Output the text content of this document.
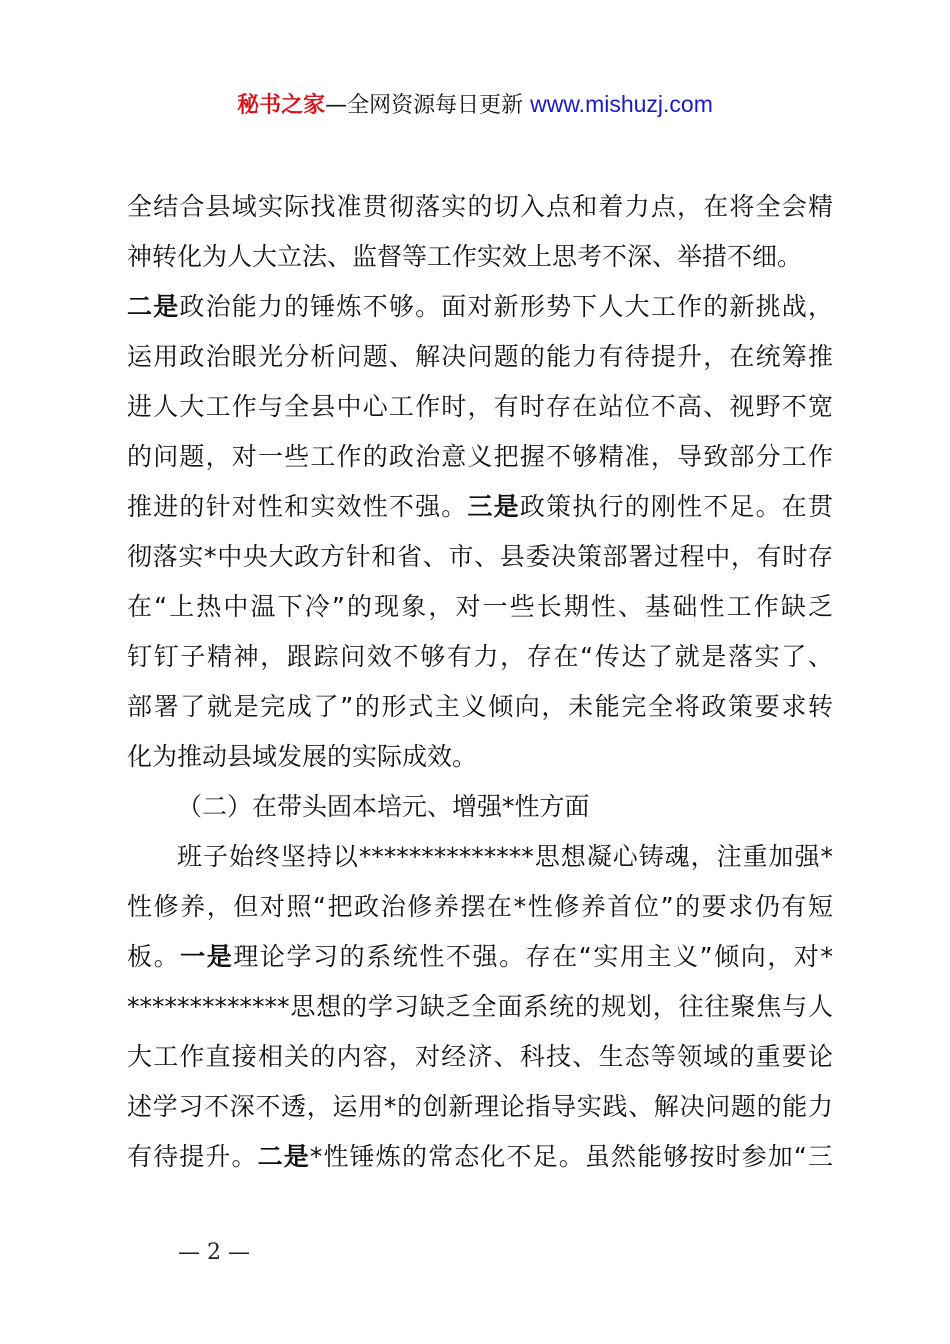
秘书之家—全网资源每日更新 www.mishuzj.com
全结合县域实际找准贯彻落实的切入点和着力点，在将全会精
神转化为人大立法、监督等工作实效上思考不深、举措不细。
二是政治能力的锤炼不够。面对新形势下人大工作的新挑战，
运用政治眼光分析问题、解决问题的能力有待提升，在统筹推
进人大工作与全县中心工作时，有时存在站位不高、视野不宽
的问题，对一些工作的政治意义把握不够精准，导致部分工作
推进的针对性和实效性不强。三是政策执行的刚性不足。在贯
彻落实*中央大政方针和省、市、县委决策部署过程中，有时存
在“上热中温下冷”的现象，对一些长期性、基础性工作缺乏
钉钉子精神，跟踪问效不够有力，存在“传达了就是落实了、
部署了就是完成了”的形式主义倾向，未能完全将政策要求转
化为推动县域发展的实际成效。
（二）在带头固本培元、增强*性方面
班子始终坚持以**************思想凝心铸魂，注重加强*
性修养，但对照“把政治修养摆在*性修养首位”的要求仍有短
板。一是理论学习的系统性不强。存在“实用主义”倾向，对*
*************思想的学习缺乏全面系统的规划，往往聚焦与人
大工作直接相关的内容，对经济、科技、生态等领域的重要论
述学习不深不透，运用*的创新理论指导实践、解决问题的能力
有待提升。二是*性锤炼的常态化不足。虽然能够按时参加“三
— 2 —
